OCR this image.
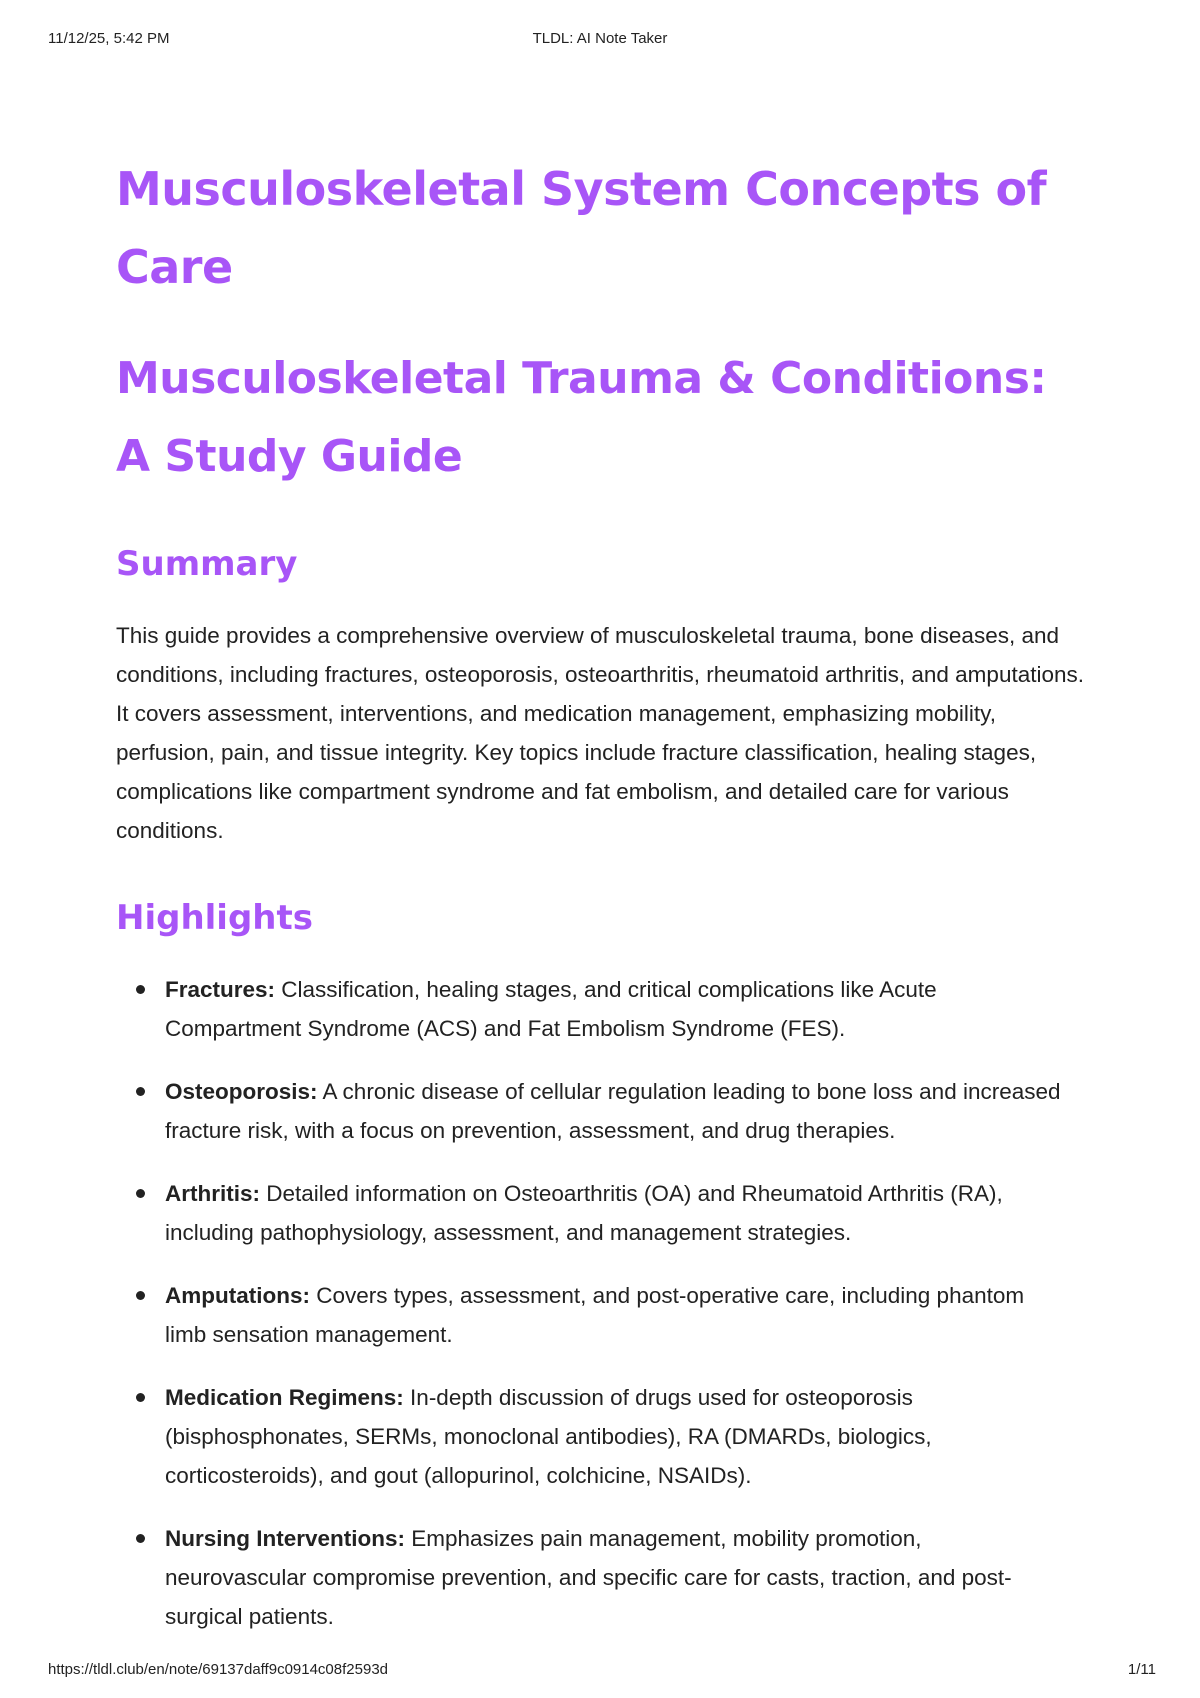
11/12/25, 5:42 PM	TLDL: AI Note Taker
Musculoskeletal System Concepts of Care
Musculoskeletal Trauma & Conditions: A Study Guide
Summary

This guide provides a comprehensive overview of musculoskeletal trauma, bone diseases, and conditions, including fractures, osteoporosis, osteoarthritis, rheumatoid arthritis, and amputations. It covers assessment, interventions, and medication management, emphasizing mobility, perfusion, pain, and tissue integrity. Key topics include fracture classification, healing stages, complications like compartment syndrome and fat embolism, and detailed care for various conditions.

Highlights
Fractures: Classification, healing stages, and critical complications like Acute Compartment Syndrome (ACS) and Fat Embolism Syndrome (FES).
Osteoporosis: A chronic disease of cellular regulation leading to bone loss and increased fracture risk, with a focus on prevention, assessment, and drug therapies.
Arthritis: Detailed information on Osteoarthritis (OA) and Rheumatoid Arthritis (RA), including pathophysiology, assessment, and management strategies.
Amputations: Covers types, assessment, and post-operative care, including phantom limb sensation management.
Medication Regimens: In-depth discussion of drugs used for osteoporosis (bisphosphonates, SERMs, monoclonal antibodies), RA (DMARDs, biologics, corticosteroids), and gout (allopurinol, colchicine, NSAIDs).
Nursing Interventions: Emphasizes pain management, mobility promotion, neurovascular compromise prevention, and specific care for casts, traction, and post-surgical patients.
https://tldl.club/en/note/69137daff9c0914c08f2593d	1/11
